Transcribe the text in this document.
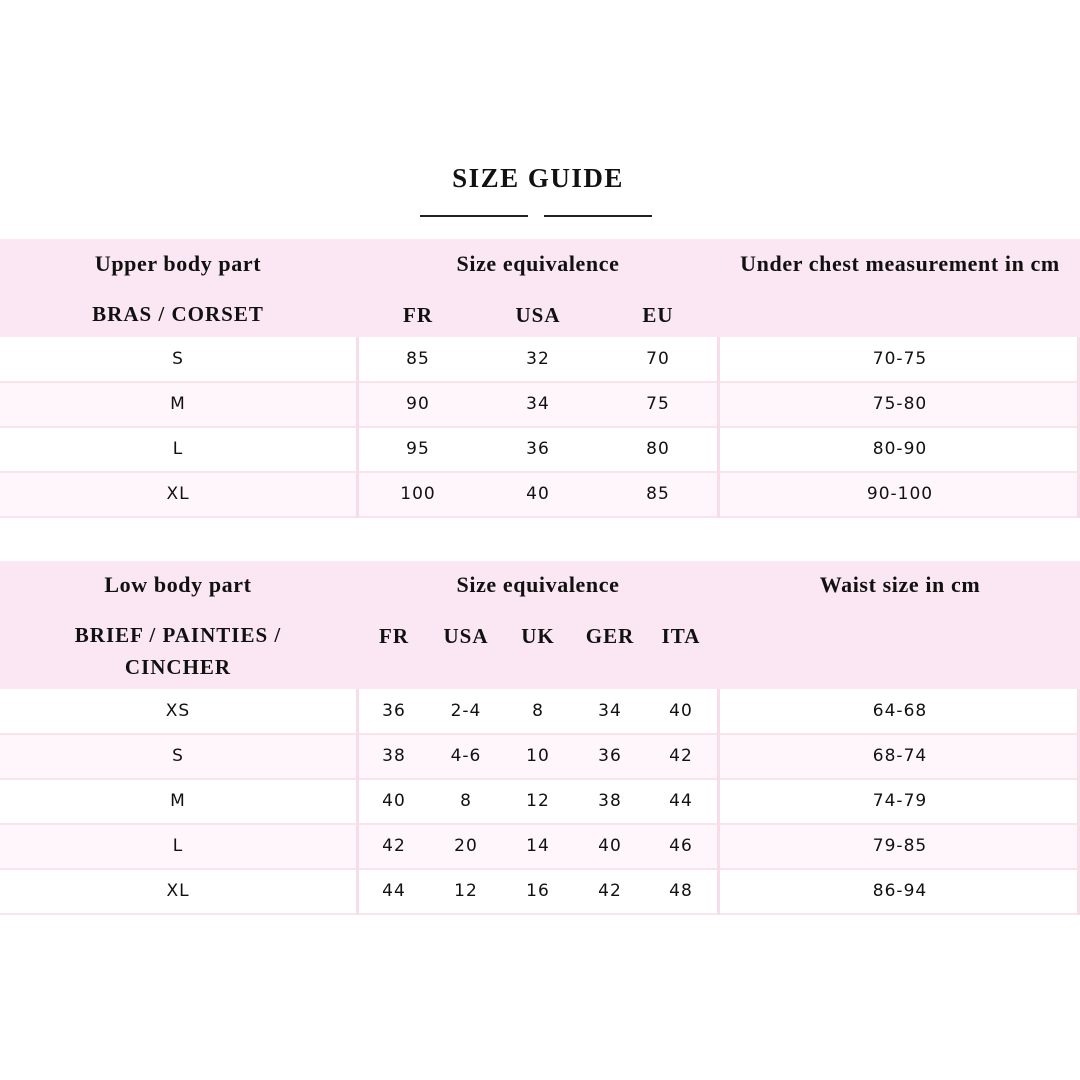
SIZE GUIDE
Upper body part	Size equivalence	Under chest measurement in cm
BRAS / CORSET	FR	USA	EU
S	85	32	70	70-75
M	90	34	75	75-80
L	95	36	80	80-90
XL	100	40	85	90-100
Low body part	Size equivalence	Waist size in cm
BRIEF / PAINTIES /
CINCHER
FR	USA	UK	GER	ITA
XS	36	2-4	8	34	40	64-68
S	38	4-6	10	36	42	68-74
M	40	8	12	38	44	74-79
L	42	20	14	40	46	79-85
XL	44	12	16	42	48	86-94
